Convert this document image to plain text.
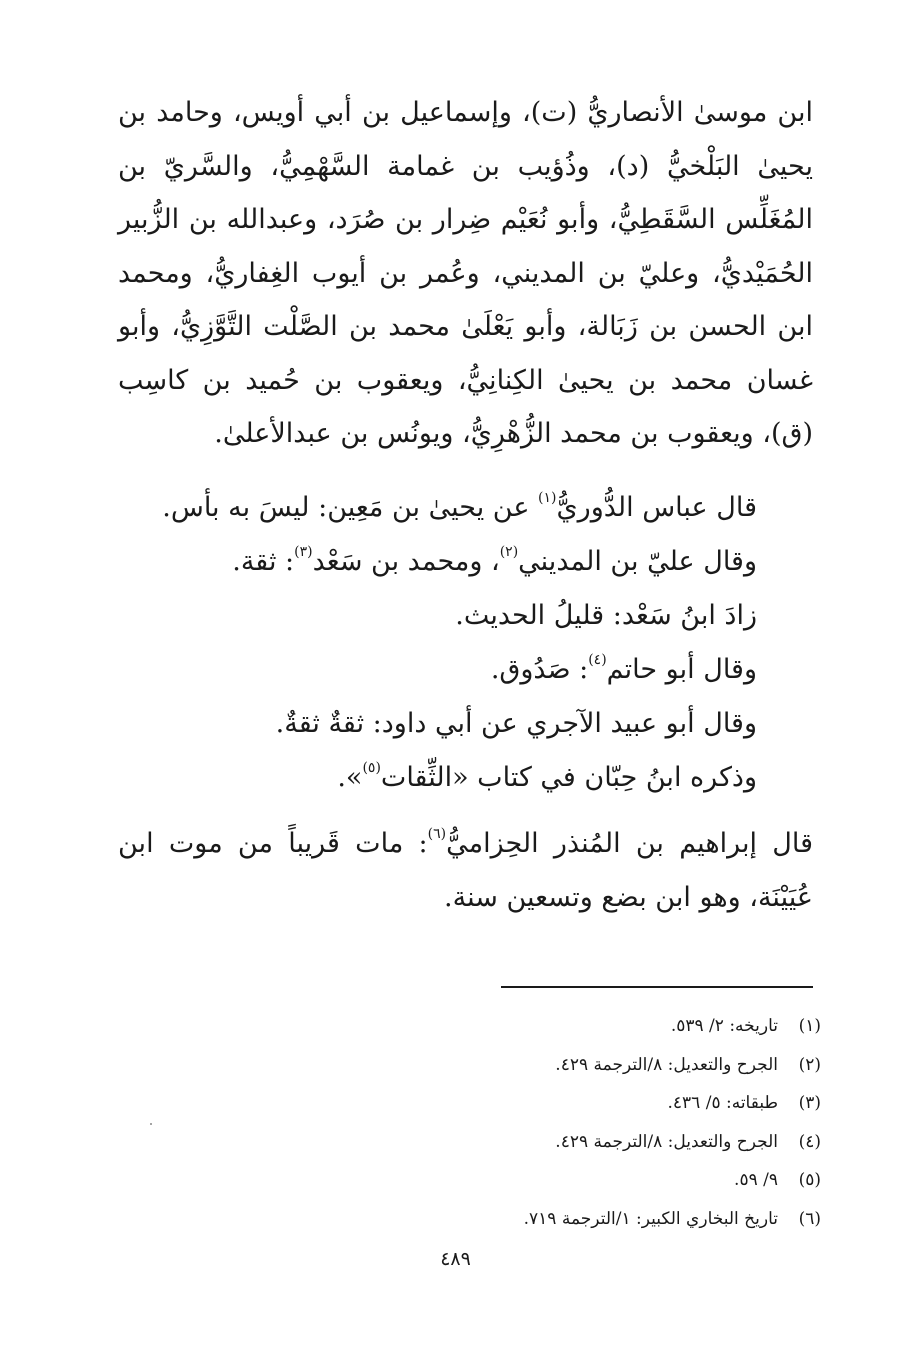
ابن موسىٰ الأنصاريُّ (ت)، وإسماعيل بن أبي أويس، وحامد بن
يحيىٰ البَلْخيُّ (د)، وذُؤيب بن غمامة السَّهْمِيُّ، والسَّريّ بن
المُغَلِّس السَّقَطِيُّ، وأبو نُعَيْم ضِرار بن صُرَد، وعبدالله بن الزُّبير
الحُمَيْديُّ، وعليّ بن المديني، وعُمر بن أيوب الغِفاريُّ، ومحمد
ابن الحسن بن زَبَالة، وأبو يَعْلَىٰ محمد بن الصَّلْت التَّوَّزِيُّ، وأبو
غسان محمد بن يحيىٰ الكِنانِيُّ، ويعقوب بن حُميد بن كاسِب
(ق)، ويعقوب بن محمد الزُّهْرِيُّ، ويونُس بن عبدالأعلىٰ.
قال عباس الدُّوريُّ$^{(١)}$ عن يحيىٰ بن مَعِين: ليسَ به بأس.
وقال عليّ بن المديني$^{(٢)}$، ومحمد بن سَعْد$^{(٣)}$: ثقة.
زادَ ابنُ سَعْد: قليلُ الحديث.
وقال أبو حاتم$^{(٤)}$: صَدُوق.
وقال أبو عبيد الآجري عن أبي داود: ثقةٌ ثقةٌ.
وذكره ابنُ حِبّان في كتاب «الثِّقات$^{(٥)}$».
قال إبراهيم بن المُنذر الحِزاميُّ$^{(٦)}$: مات قَريباً من موت ابن
عُيَيْنَة، وهو ابن بضع وتسعين سنة.
(١)
تاريخه: ٢/ ٥٣٩.
(٢)
الجرح والتعديل: ٨/الترجمة ٤٢٩.
(٣)
طبقاته: ٥/ ٤٣٦.
(٤)
الجرح والتعديل: ٨/الترجمة ٤٢٩.
(٥)
٩/ ٥٩.
(٦)
تاريخ البخاري الكبير: ١/الترجمة ٧١٩.
٤٨٩
